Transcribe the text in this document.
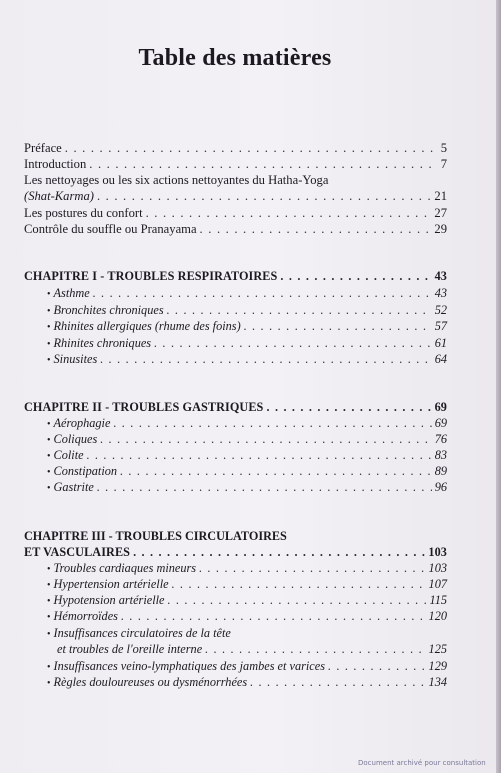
Table des matières
Préface . . .	5
Introduction . . .	7
Les nettoyages ou les six actions nettoyantes du Hatha-Yoga
(Shat-Karma) . . .	21
Les postures du confort . . .	27
Contrôle du souffle ou Pranayama . . .	29
CHAPITRE I - TROUBLES RESPIRATOIRES . . .	43
• Asthme . . .	43
• Bronchites chroniques . . .	52
• Rhinites allergiques (rhume des foins) . . .	57
• Rhinites chroniques . . .	61
• Sinusites . . .	64
CHAPITRE II - TROUBLES GASTRIQUES . . .	69
• Aérophagie . . .	69
• Coliques . . .	76
• Colite . . .	83
• Constipation . . .	89
• Gastrite . . .	96
CHAPITRE III - TROUBLES CIRCULATOIRES
ET VASCULAIRES . . .	103
• Troubles cardiaques mineurs . . .	103
• Hypertension artérielle . . .	107
• Hypotension artérielle . . .	115
• Hémorroïdes . . .	120
• Insuffisances circulatoires de la tête
et troubles de l'oreille interne . . .	125
• Insuffisances veino-lymphatiques des jambes et varices . . .	129
• Règles douloureuses ou dysménorrhées . . .	134
Document archivé pour consultation
